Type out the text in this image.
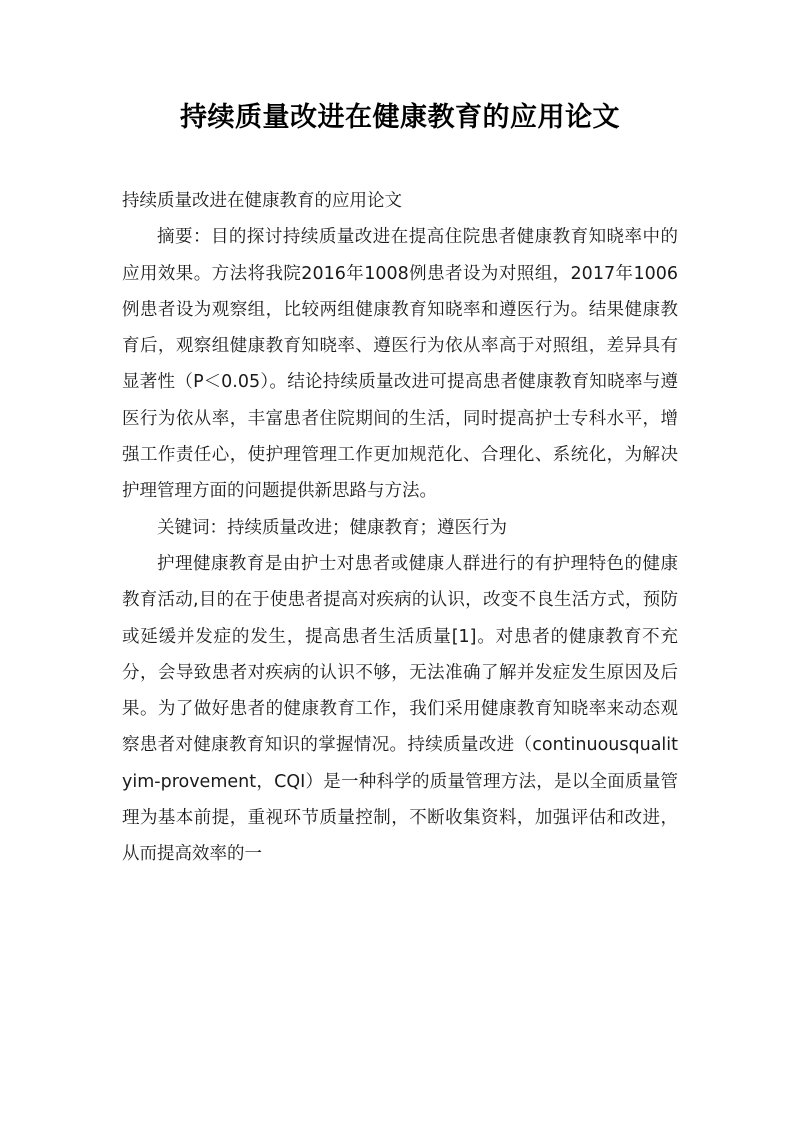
持续质量改进在健康教育的应用论文

持续质量改进在健康教育的应用论文

摘要：目的探讨持续质量改进在提高住院患者健康教育知晓率中的应用效果。方法将我院2016年1008例患者设为对照组，2017年1006例患者设为观察组，比较两组健康教育知晓率和遵医行为。结果健康教育后，观察组健康教育知晓率、遵医行为依从率高于对照组，差异具有显著性（P＜0.05）。结论持续质量改进可提高患者健康教育知晓率与遵医行为依从率，丰富患者住院期间的生活，同时提高护士专科水平，增强工作责任心，使护理管理工作更加规范化、合理化、系统化，为解决护理管理方面的问题提供新思路与方法。

关键词：持续质量改进；健康教育；遵医行为

护理健康教育是由护士对患者或健康人群进行的有护理特色的健康教育活动,目的在于使患者提高对疾病的认识，改变不良生活方式，预防或延缓并发症的发生，提高患者生活质量[1]。对患者的健康教育不充分，会导致患者对疾病的认识不够，无法准确了解并发症发生原因及后果。为了做好患者的健康教育工作，我们采用健康教育知晓率来动态观察患者对健康教育知识的掌握情况。持续质量改进（continuousqualityim-provement，CQI）是一种科学的质量管理方法，是以全面质量管理为基本前提，重视环节质量控制，不断收集资料，加强评估和改进，从而提高效率的一
